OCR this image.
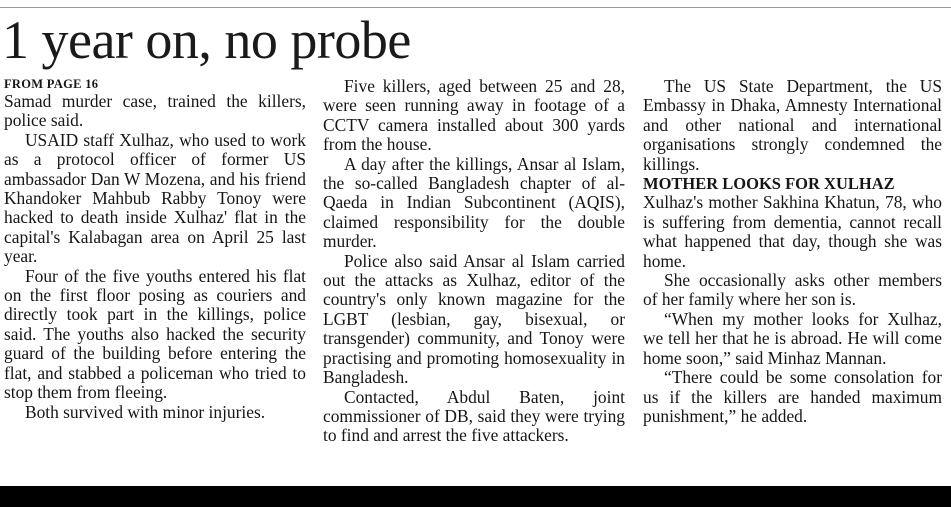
1 year on, no probe
FROM PAGE 16

Samad murder case, trained the killers, police said.

USAID staff Xulhaz, who used to work as a protocol officer of former US ambassador Dan W Mozena, and his friend Khandoker Mahbub Rabby Tonoy were hacked to death inside Xulhaz' flat in the capital's Kalabagan area on April 25 last year.

Four of the five youths entered his flat on the first floor posing as couriers and directly took part in the killings, police said. The youths also hacked the security guard of the building before entering the flat, and stabbed a policeman who tried to stop them from fleeing.

Both survived with minor injuries.

Five killers, aged between 25 and 28, were seen running away in footage of a CCTV camera installed about 300 yards from the house.

A day after the killings, Ansar al Islam, the so-called Bangladesh chapter of al-Qaeda in Indian Subcontinent (AQIS), claimed responsibility for the double murder.

Police also said Ansar al Islam carried out the attacks as Xulhaz, editor of the country's only known magazine for the LGBT (lesbian, gay, bisexual, or transgender) community, and Tonoy were practising and promoting homosexuality in Bangladesh.

Contacted, Abdul Baten, joint commissioner of DB, said they were trying to find and arrest the five attackers.

The US State Department, the US Embassy in Dhaka, Amnesty International and other national and international organisations strongly condemned the killings.

MOTHER LOOKS FOR XULHAZ

Xulhaz's mother Sakhina Khatun, 78, who is suffering from dementia, cannot recall what happened that day, though she was home.

She occasionally asks other members of her family where her son is.

“When my mother looks for Xulhaz, we tell her that he is abroad. He will come home soon,” said Minhaz Mannan.

“There could be some consolation for us if the killers are handed maximum punishment,” he added.
